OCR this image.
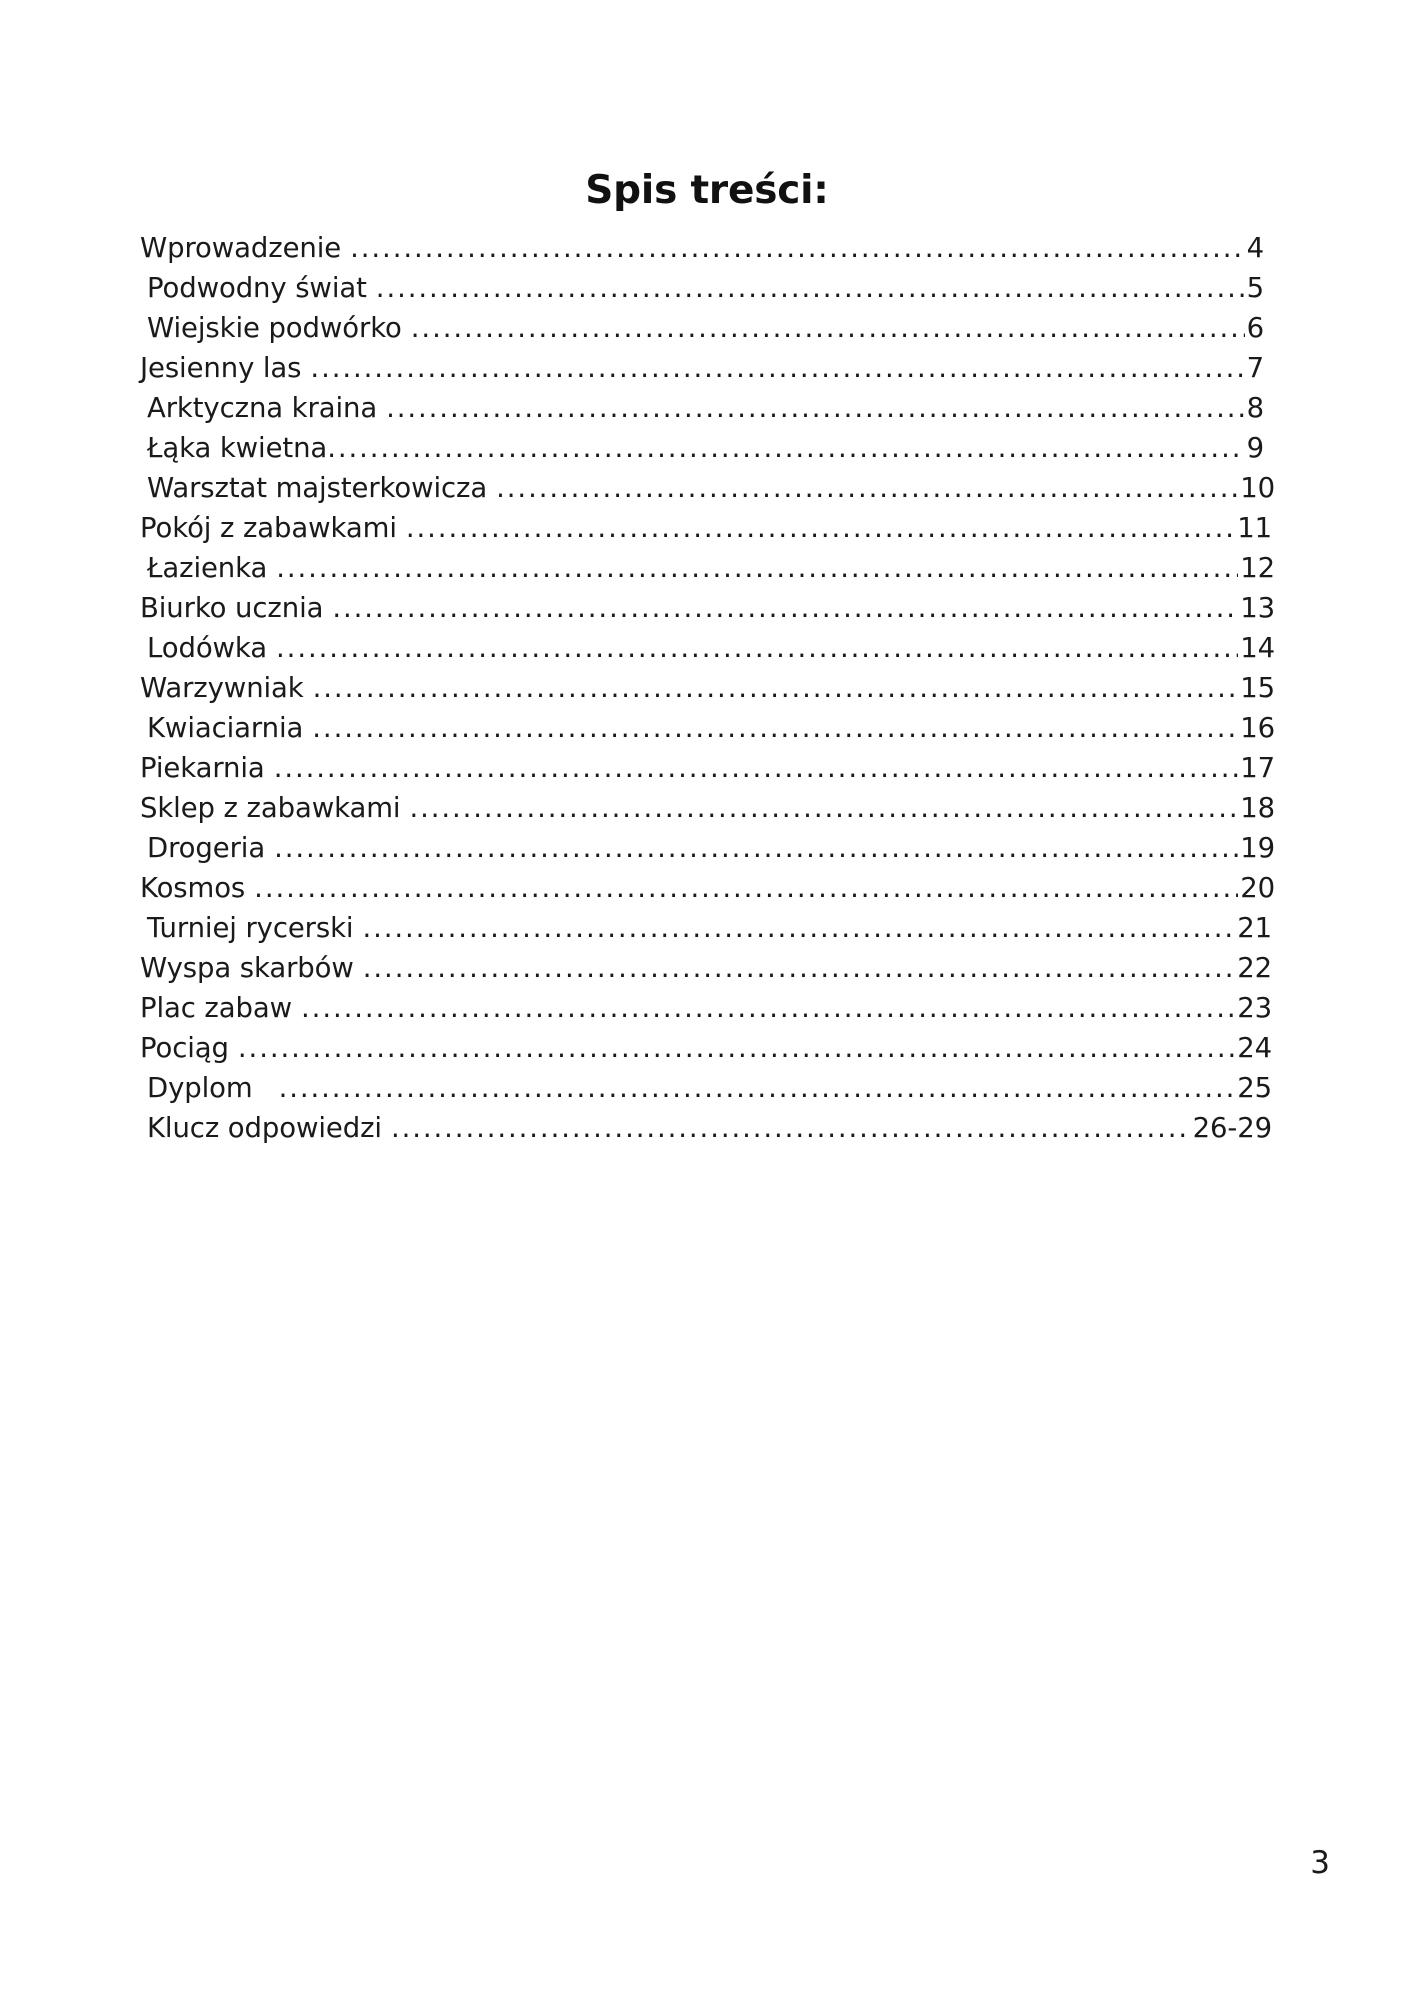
Spis treści:
Wprowadzenie .....	4
Podwodny świat .....	5
Wiejskie podwórko .....	6
Jesienny las .....	7
Arktyczna kraina .....	8
Łąka kwietna .....	9
Warsztat majsterkowicza .....	10
Pokój z zabawkami .....	11
Łazienka .....	12
Biurko ucznia .....	13
Lodówka .....	14
Warzywniak .....	15
Kwiaciarnia .....	16
Piekarnia .....	17
Sklep z zabawkami .....	18
Drogeria .....	19
Kosmos .....	20
Turniej rycerski .....	21
Wyspa skarbów .....	22
Plac zabaw .....	23
Pociąg .....	24
Dyplom .....	25
Klucz odpowiedzi .....	26-29
3
